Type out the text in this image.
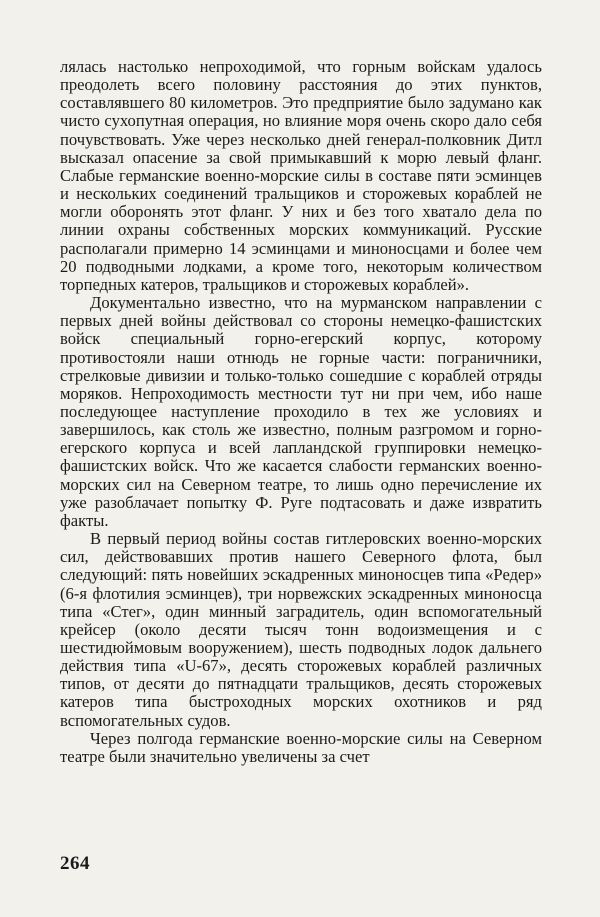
лялась настолько непроходимой, что горным войскам удалось преодолеть всего половину расстояния до этих пунктов, составлявшего 80 километров. Это предприятие было задумано как чисто сухопутная операция, но влияние моря очень скоро дало себя почувствовать. Уже через несколько дней генерал-полковник Дитл высказал опасение за свой примыкавший к морю левый фланг. Слабые германские военно-морские силы в составе пяти эсминцев и нескольких соединений тральщиков и сторожевых кораблей не могли оборонять этот фланг. У них и без того хватало дела по линии охраны собственных морских коммуникаций. Русские располагали примерно 14 эсминцами и миноносцами и более чем 20 подводными лодками, а кроме того, некоторым количеством торпедных катеров, тральщиков и сторожевых кораблей».

Документально известно, что на мурманском направлении с первых дней войны действовал со стороны немецко-фашистских войск специальный горно-егерский корпус, которому противостояли наши отнюдь не горные части: пограничники, стрелковые дивизии и только-только сошедшие с кораблей отряды моряков. Непроходимость местности тут ни при чем, ибо наше последующее наступление проходило в тех же условиях и завершилось, как столь же известно, полным разгромом и горно-егерского корпуса и всей лапландской группировки немецко-фашистских войск. Что же касается слабости германских военно-морских сил на Северном театре, то лишь одно перечисление их уже разоблачает попытку Ф. Руге подтасовать и даже извратить факты.

В первый период войны состав гитлеровских военно-морских сил, действовавших против нашего Северного флота, был следующий: пять новейших эскадренных миноносцев типа «Редер» (6-я флотилия эсминцев), три норвежских эскадренных миноносца типа «Стег», один минный заградитель, один вспомогательный крейсер (около десяти тысяч тонн водоизмещения и с шестидюймовым вооружением), шесть подводных лодок дальнего действия типа «U-67», десять сторожевых кораблей различных типов, от десяти до пятнадцати тральщиков, десять сторожевых катеров типа быстроходных морских охотников и ряд вспомогательных судов.

Через полгода германские военно-морские силы на Северном театре были значительно увеличены за счет

264
